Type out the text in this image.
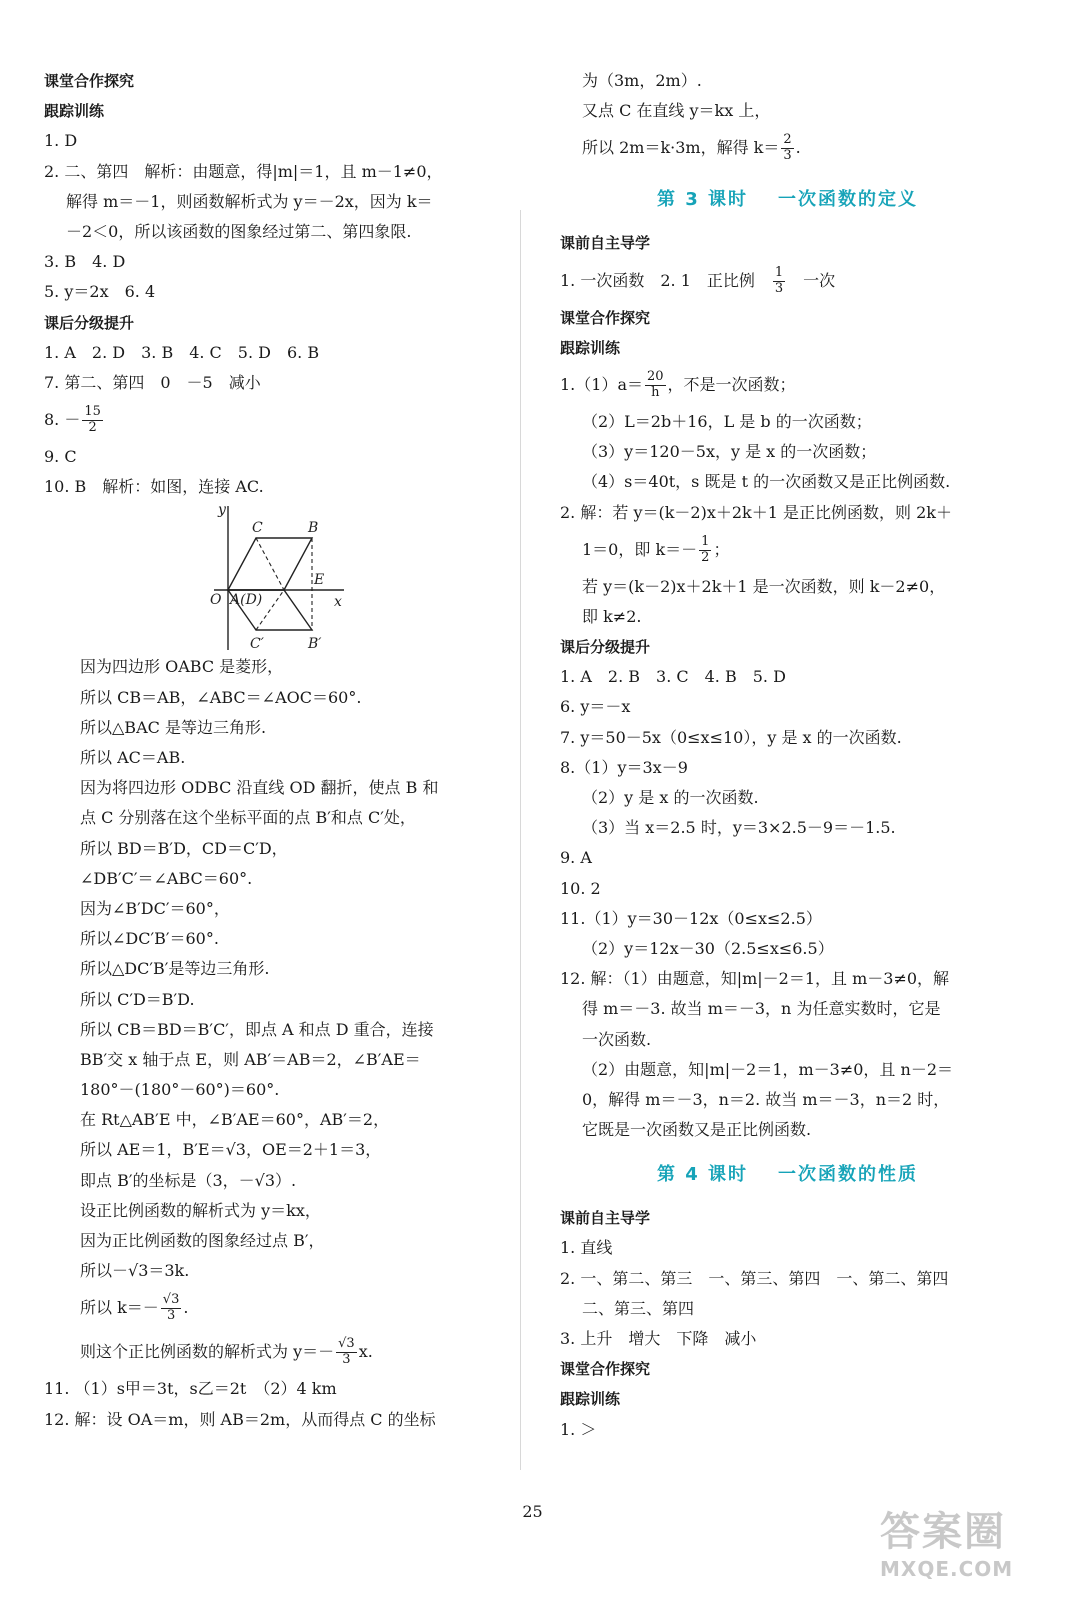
课堂合作探究
跟踪训练
1. D
2. 二、第四　解析：由题意，得|m|＝1，且 m－1≠0，
解得 m＝－1，则函数解析式为 y＝－2x，因为 k＝
－2＜0，所以该函数的图象经过第二、第四象限.
3. B　4. D
5. y＝2x　6. 4
课后分级提升
1. A　2. D　3. B　4. C　5. D　6. B
7. 第二、第四　0　－5　减小
8. － $\frac{15}{2}$
9. C
10. B　解析：如图，连接 AC.
y
x
O A(D)
B
C
E
B′
C′
因为四边形 OABC 是菱形，
所以 CB＝AB，∠ABC＝∠AOC＝60°.
所以△BAC 是等边三角形.
所以 AC＝AB.
因为将四边形 ODBC 沿直线 OD 翻折，使点 B 和
点 C 分别落在这个坐标平面的点 B′和点 C′处，
所以 BD＝B′D，CD＝C′D，
∠DB′C′＝∠ABC＝60°.
因为∠B′DC′＝60°，
所以∠DC′B′＝60°.
所以△DC′B′是等边三角形.
所以 C′D＝B′D.
所以 CB＝BD＝B′C′，即点 A 和点 D 重合，连接
BB′交 x 轴于点 E，则 AB′＝AB＝2，∠B′AE＝
180°－(180°－60°)＝60°.
在 Rt△AB′E 中，∠B′AE＝60°，AB′＝2，
所以 AE＝1，B′E＝√3，OE＝2＋1＝3，
即点 B′的坐标是（3，－√3）.
设正比例函数的解析式为 y＝kx，
因为正比例函数的图象经过点 B′，
所以－√3＝3k.
所以 $k=- \frac{√3}{3}$ .
则这个正比例函数的解析式为 $y=- \frac{√3}{3} x$.
11. （1）s甲＝3t，s乙＝2t　（2）4 km
12. 解：设 OA＝m，则 AB＝2m，从而得点 C 的坐标
为（3m，2m）.
又点 C 在直线 y＝kx 上，
所以 2m＝k·3m，解得 $k= \frac{2}{3}$ .
第 3 课时 一次函数的定义
课前自主导学
1. 一次函数　2. 1　正比例　 $\frac{1}{3}$ 　一次
课堂合作探究
跟踪训练
$1.(1)a= \frac{20}{h}$ ，不是一次函数；
（2）L＝2b＋16，L 是 b 的一次函数；
（3）y＝120－5x，y 是 x 的一次函数；
（4）s＝40t，s 既是 t 的一次函数又是正比例函数.
2. 解：若 y＝(k－2)x＋2k＋1 是正比例函数，则 2k＋
1＝0，即 $k=- \frac{1}{2}$ ；
若 y＝(k－2)x＋2k＋1 是一次函数，则 k－2≠0，
即 k≠2.
课后分级提升
1. A　2. B　3. C　4. B　5. D
6. y＝－x
7. y＝50－5x（0≤x≤10），y 是 x 的一次函数.
8.（1）y＝3x－9
（2）y 是 x 的一次函数.
（3）当 x＝2.5 时，y＝3×2.5－9＝－1.5.
9. A
10. 2
11.（1）y＝30－12x（0≤x≤2.5）
（2）y＝12x－30（2.5≤x≤6.5）
12. 解：（1）由题意，知|m|－2＝1，且 m－3≠0，解
得 m＝－3. 故当 m＝－3，n 为任意实数时，它是
一次函数.
（2）由题意，知|m|－2＝1，m－3≠0，且 n－2＝
0，解得 m＝－3，n＝2. 故当 m＝－3，n＝2 时，
它既是一次函数又是正比例函数.
第 4 课时 一次函数的性质
课前自主导学
1. 直线
2. 一、第二、第三　一、第三、第四　一、第二、第四
二、第三、第四
3. 上升　增大　下降　减小
课堂合作探究
跟踪训练
1. ＞
25	答案圈
MXQE.COM
